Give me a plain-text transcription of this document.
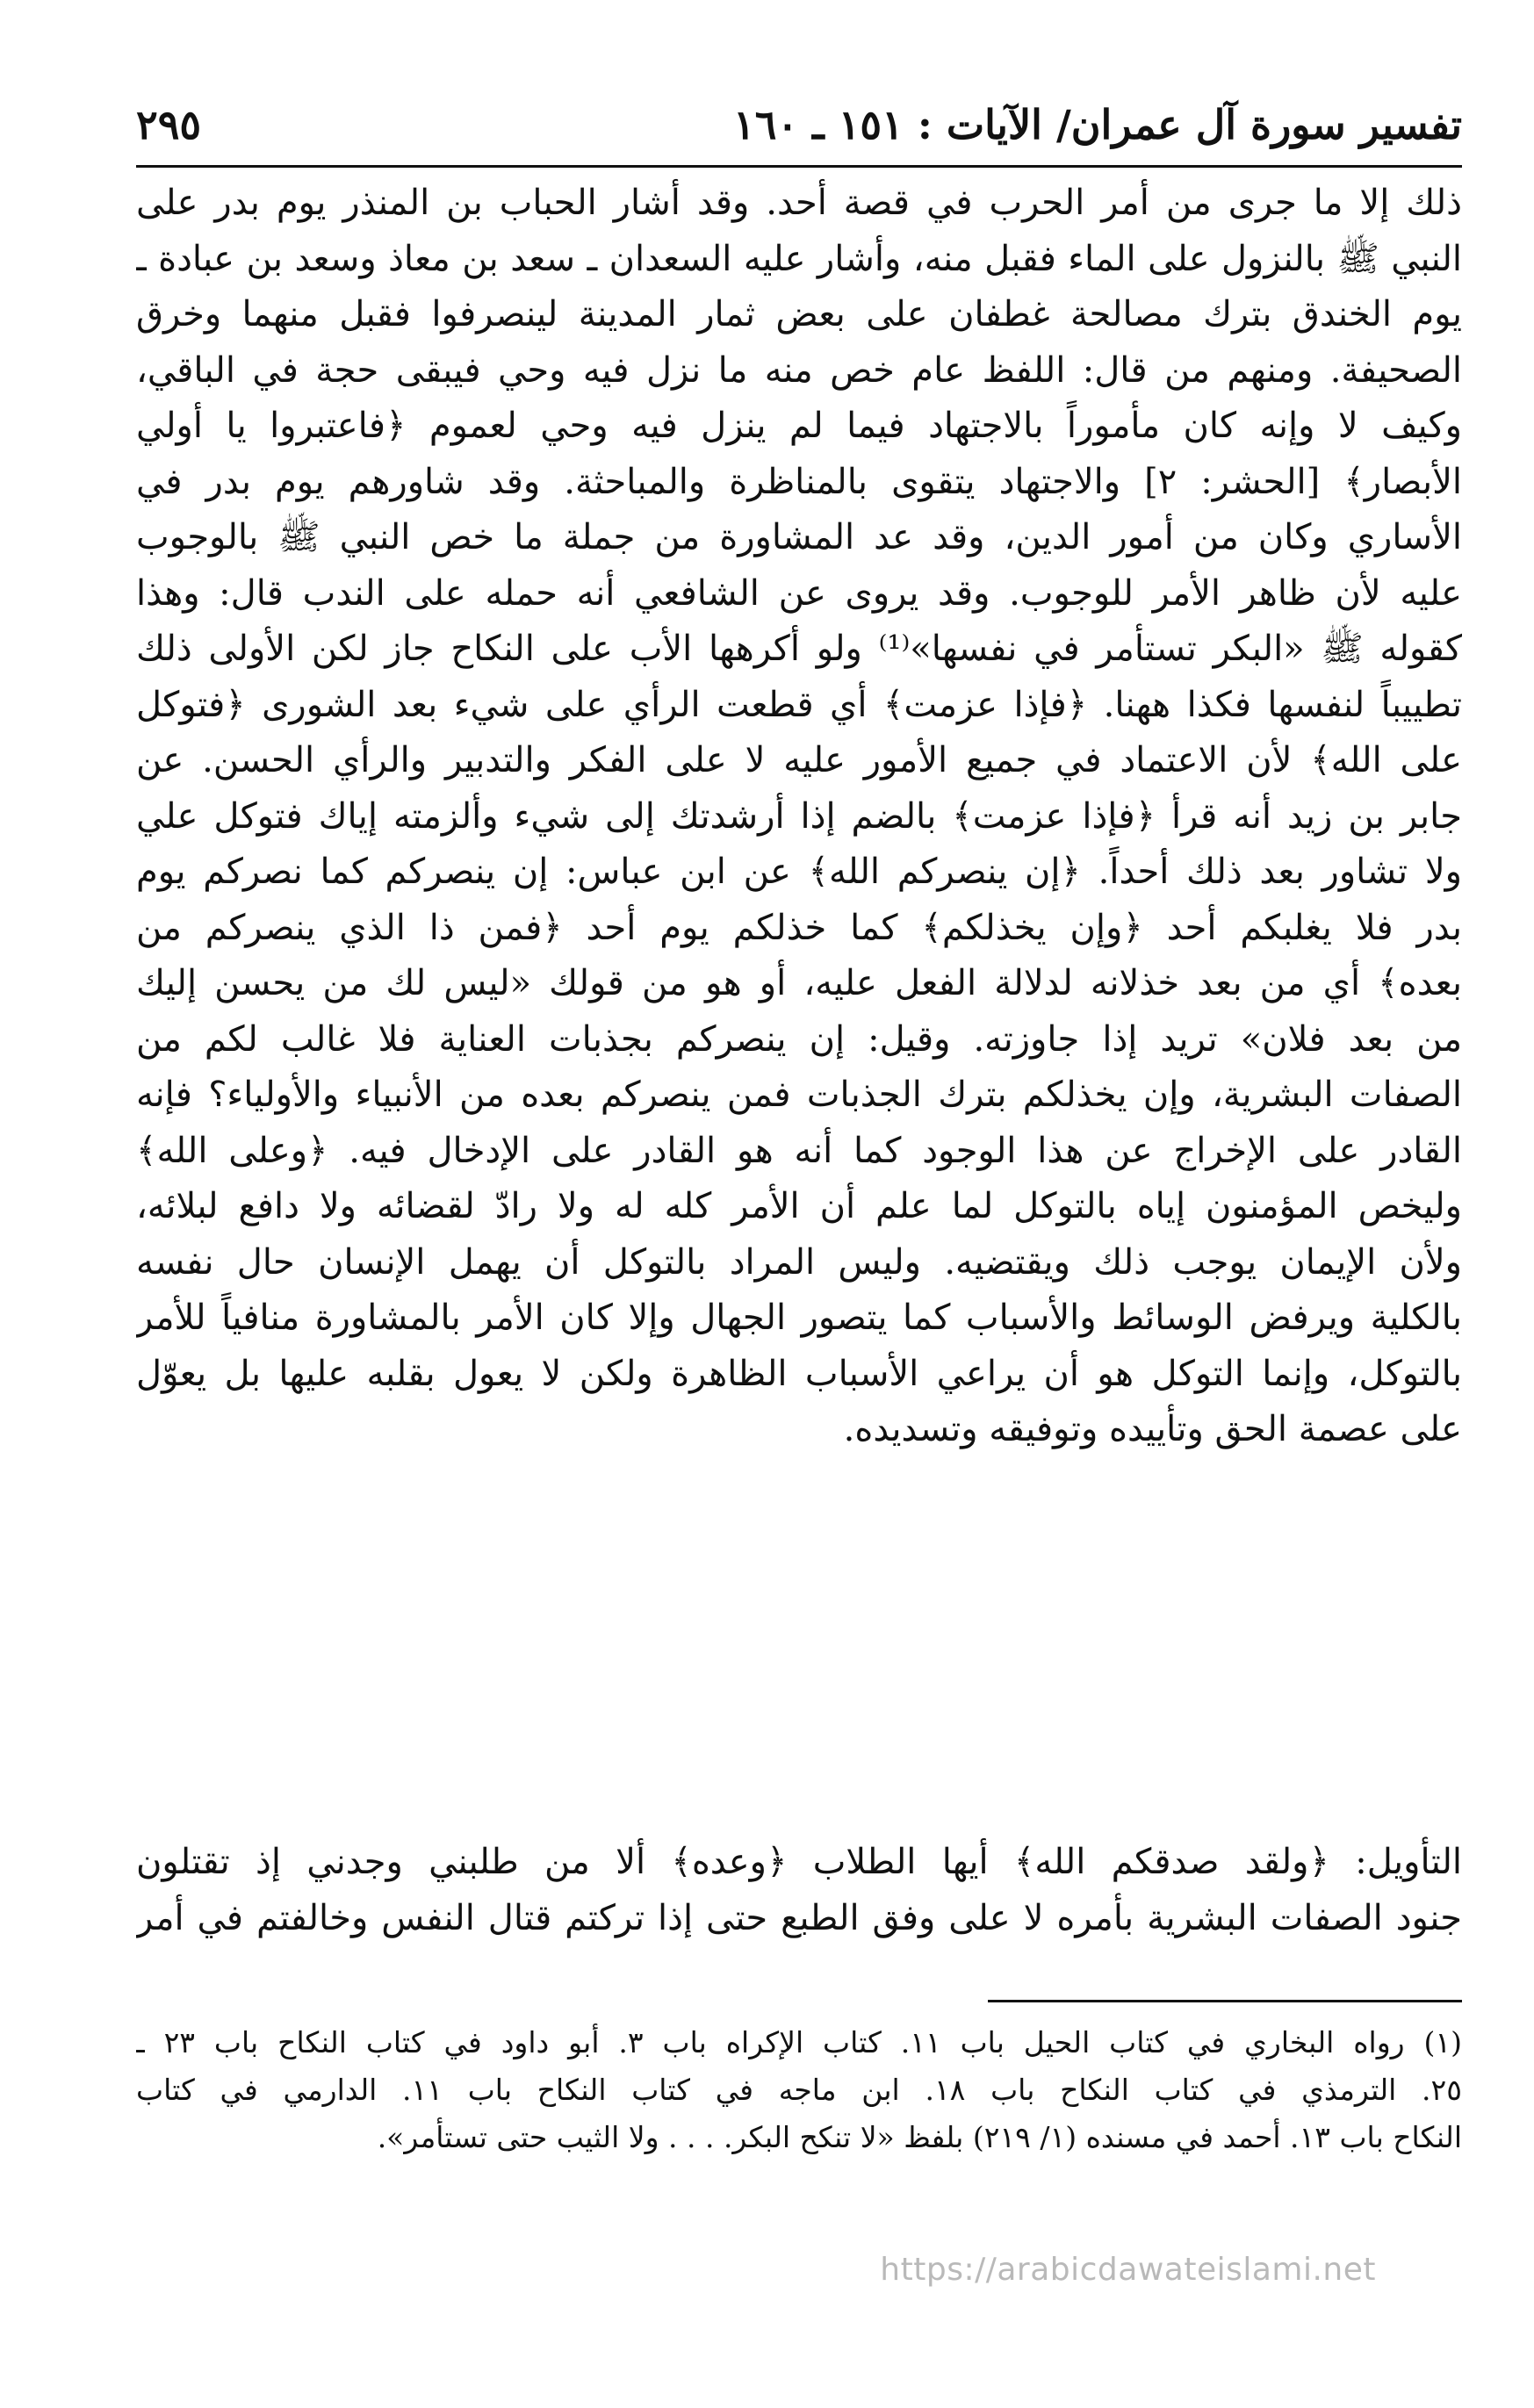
٢٩٥	تفسير سورة آل عمران/ الآيات : ١٥١ ـ ١٦٠
ذلك إلا ما جرى من أمر الحرب في قصة أحد. وقد أشار الحباب بن المنذر يوم بدر على
النبي ﷺ بالنزول على الماء فقبل منه، وأشار عليه السعدان ـ سعد بن معاذ وسعد بن عبادة ـ
يوم الخندق بترك مصالحة غطفان على بعض ثمار المدينة لينصرفوا فقبل منهما وخرق
الصحيفة. ومنهم من قال: اللفظ عام خص منه ما نزل فيه وحي فيبقى حجة في الباقي،
وكيف لا وإنه كان مأموراً بالاجتهاد فيما لم ينزل فيه وحي لعموم ﴿فاعتبروا يا أولي
الأبصار﴾ [الحشر: ٢] والاجتهاد يتقوى بالمناظرة والمباحثة. وقد شاورهم يوم بدر في
الأساري وكان من أمور الدين، وقد عد المشاورة من جملة ما خص النبي ﷺ بالوجوب
عليه لأن ظاهر الأمر للوجوب. وقد يروى عن الشافعي أنه حمله على الندب قال: وهذا
كقوله ﷺ «البكر تستأمر في نفسها»⁽¹⁾ ولو أكرهها الأب على النكاح جاز لكن الأولى ذلك
تطييباً لنفسها فكذا ههنا. ﴿فإذا عزمت﴾ أي قطعت الرأي على شيء بعد الشورى ﴿فتوكل
على الله﴾ لأن الاعتماد في جميع الأمور عليه لا على الفكر والتدبير والرأي الحسن. عن
جابر بن زيد أنه قرأ ﴿فإذا عزمت﴾ بالضم إذا أرشدتك إلى شيء وألزمته إياك فتوكل علي
ولا تشاور بعد ذلك أحداً. ﴿إن ينصركم الله﴾ عن ابن عباس: إن ينصركم كما نصركم يوم
بدر فلا يغلبكم أحد ﴿وإن يخذلكم﴾ كما خذلكم يوم أحد ﴿فمن ذا الذي ينصركم من
بعده﴾ أي من بعد خذلانه لدلالة الفعل عليه، أو هو من قولك «ليس لك من يحسن إليك
من بعد فلان» تريد إذا جاوزته. وقيل: إن ينصركم بجذبات العناية فلا غالب لكم من
الصفات البشرية، وإن يخذلكم بترك الجذبات فمن ينصركم بعده من الأنبياء والأولياء؟ فإنه
القادر على الإخراج عن هذا الوجود كما أنه هو القادر على الإدخال فيه. ﴿وعلى الله﴾
وليخص المؤمنون إياه بالتوكل لما علم أن الأمر كله له ولا رادّ لقضائه ولا دافع لبلائه،
ولأن الإيمان يوجب ذلك ويقتضيه. وليس المراد بالتوكل أن يهمل الإنسان حال نفسه
بالكلية ويرفض الوسائط والأسباب كما يتصور الجهال وإلا كان الأمر بالمشاورة منافياً للأمر
بالتوكل، وإنما التوكل هو أن يراعي الأسباب الظاهرة ولكن لا يعول بقلبه عليها بل يعوّل
على عصمة الحق وتأييده وتوفيقه وتسديده.
التأويل: ﴿ولقد صدقكم الله﴾ أيها الطلاب ﴿وعده﴾ ألا من طلبني وجدني إذ تقتلون
جنود الصفات البشرية بأمره لا على وفق الطبع حتى إذا تركتم قتال النفس وخالفتم في أمر
(١) رواه البخاري في كتاب الحيل باب ١١. كتاب الإكراه باب ٣. أبو داود في كتاب النكاح باب ٢٣ ـ
٢٥. الترمذي في كتاب النكاح باب ١٨. ابن ماجه في كتاب النكاح باب ١١. الدارمي في كتاب
النكاح باب ١٣. أحمد في مسنده (١/ ٢١٩) بلفظ «لا تنكح البكر. . . . ولا الثيب حتى تستأمر».
https://arabicdawateislami.net
